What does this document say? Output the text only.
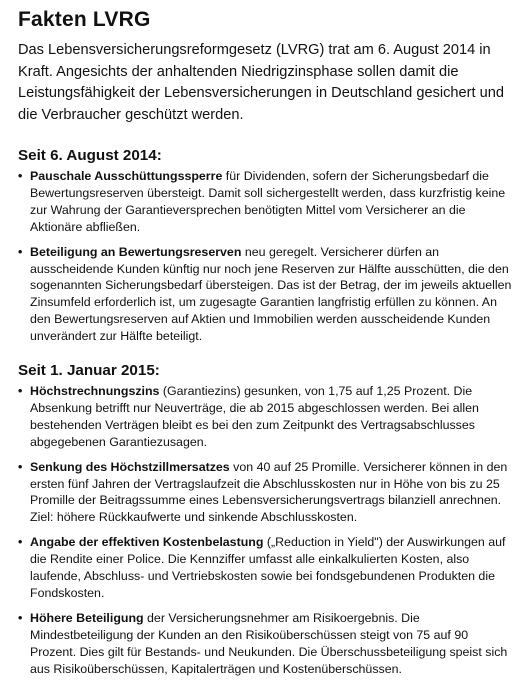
Fakten LVRG

Das Lebensversicherungsreformgesetz (LVRG) trat am 6. August 2014 in Kraft. Angesichts der anhaltenden Niedrigzinsphase sollen damit die Leistungsfähigkeit der Lebensversicherungen in Deutschland gesichert und die Verbraucher geschützt werden.

Seit 6. August 2014:
• Pauschale Ausschüttungssperre für Dividenden, sofern der Sicherungsbedarf die Bewertungsreserven übersteigt. Damit soll sichergestellt werden, dass kurzfristig keine zur Wahrung der Garantieversprechen benötigten Mittel vom Versicherer an die Aktionäre abfließen.
• Beteiligung an Bewertungsreserven neu geregelt. Versicherer dürfen an ausscheidende Kunden künftig nur noch jene Reserven zur Hälfte ausschütten, die den sogenannten Sicherungsbedarf übersteigen. Das ist der Betrag, der im jeweils aktuellen Zinsumfeld erforderlich ist, um zugesagte Garantien langfristig erfüllen zu können. An den Bewertungsreserven auf Aktien und Immobilien werden ausscheidende Kunden unverändert zur Hälfte beteiligt.
Seit 1. Januar 2015:
• Höchstrechnungszins (Garantiezins) gesunken, von 1,75 auf 1,25 Prozent. Die Absenkung betrifft nur Neuverträge, die ab 2015 abgeschlossen werden. Bei allen bestehenden Verträgen bleibt es bei den zum Zeitpunkt des Vertragsabschlusses abgegebenen Garantiezusagen.
• Senkung des Höchstzillmersatzes von 40 auf 25 Promille. Versicherer können in den ersten fünf Jahren der Vertragslaufzeit die Abschlusskosten nur in Höhe von bis zu 25 Promille der Beitragssumme eines Lebensversicherungsvertrags bilanziell anrechnen. Ziel: höhere Rückkaufwerte und sinkende Abschlusskosten.
• Angabe der effektiven Kostenbelastung („Reduction in Yield") der Auswirkungen auf die Rendite einer Police. Die Kennziffer umfasst alle einkalkulierten Kosten, also laufende, Abschluss- und Vertriebskosten sowie bei fondsgebundenen Produkten die Fondskosten.
• Höhere Beteiligung der Versicherungsnehmer am Risikoergebnis. Die Mindestbeteiligung der Kunden an den Risikoüberschüssen steigt von 75 auf 90 Prozent. Dies gilt für Bestands- und Neukunden. Die Überschussbeteiligung speist sich aus Risikoüberschüssen, Kapitalerträgen und Kostenüberschüssen.
